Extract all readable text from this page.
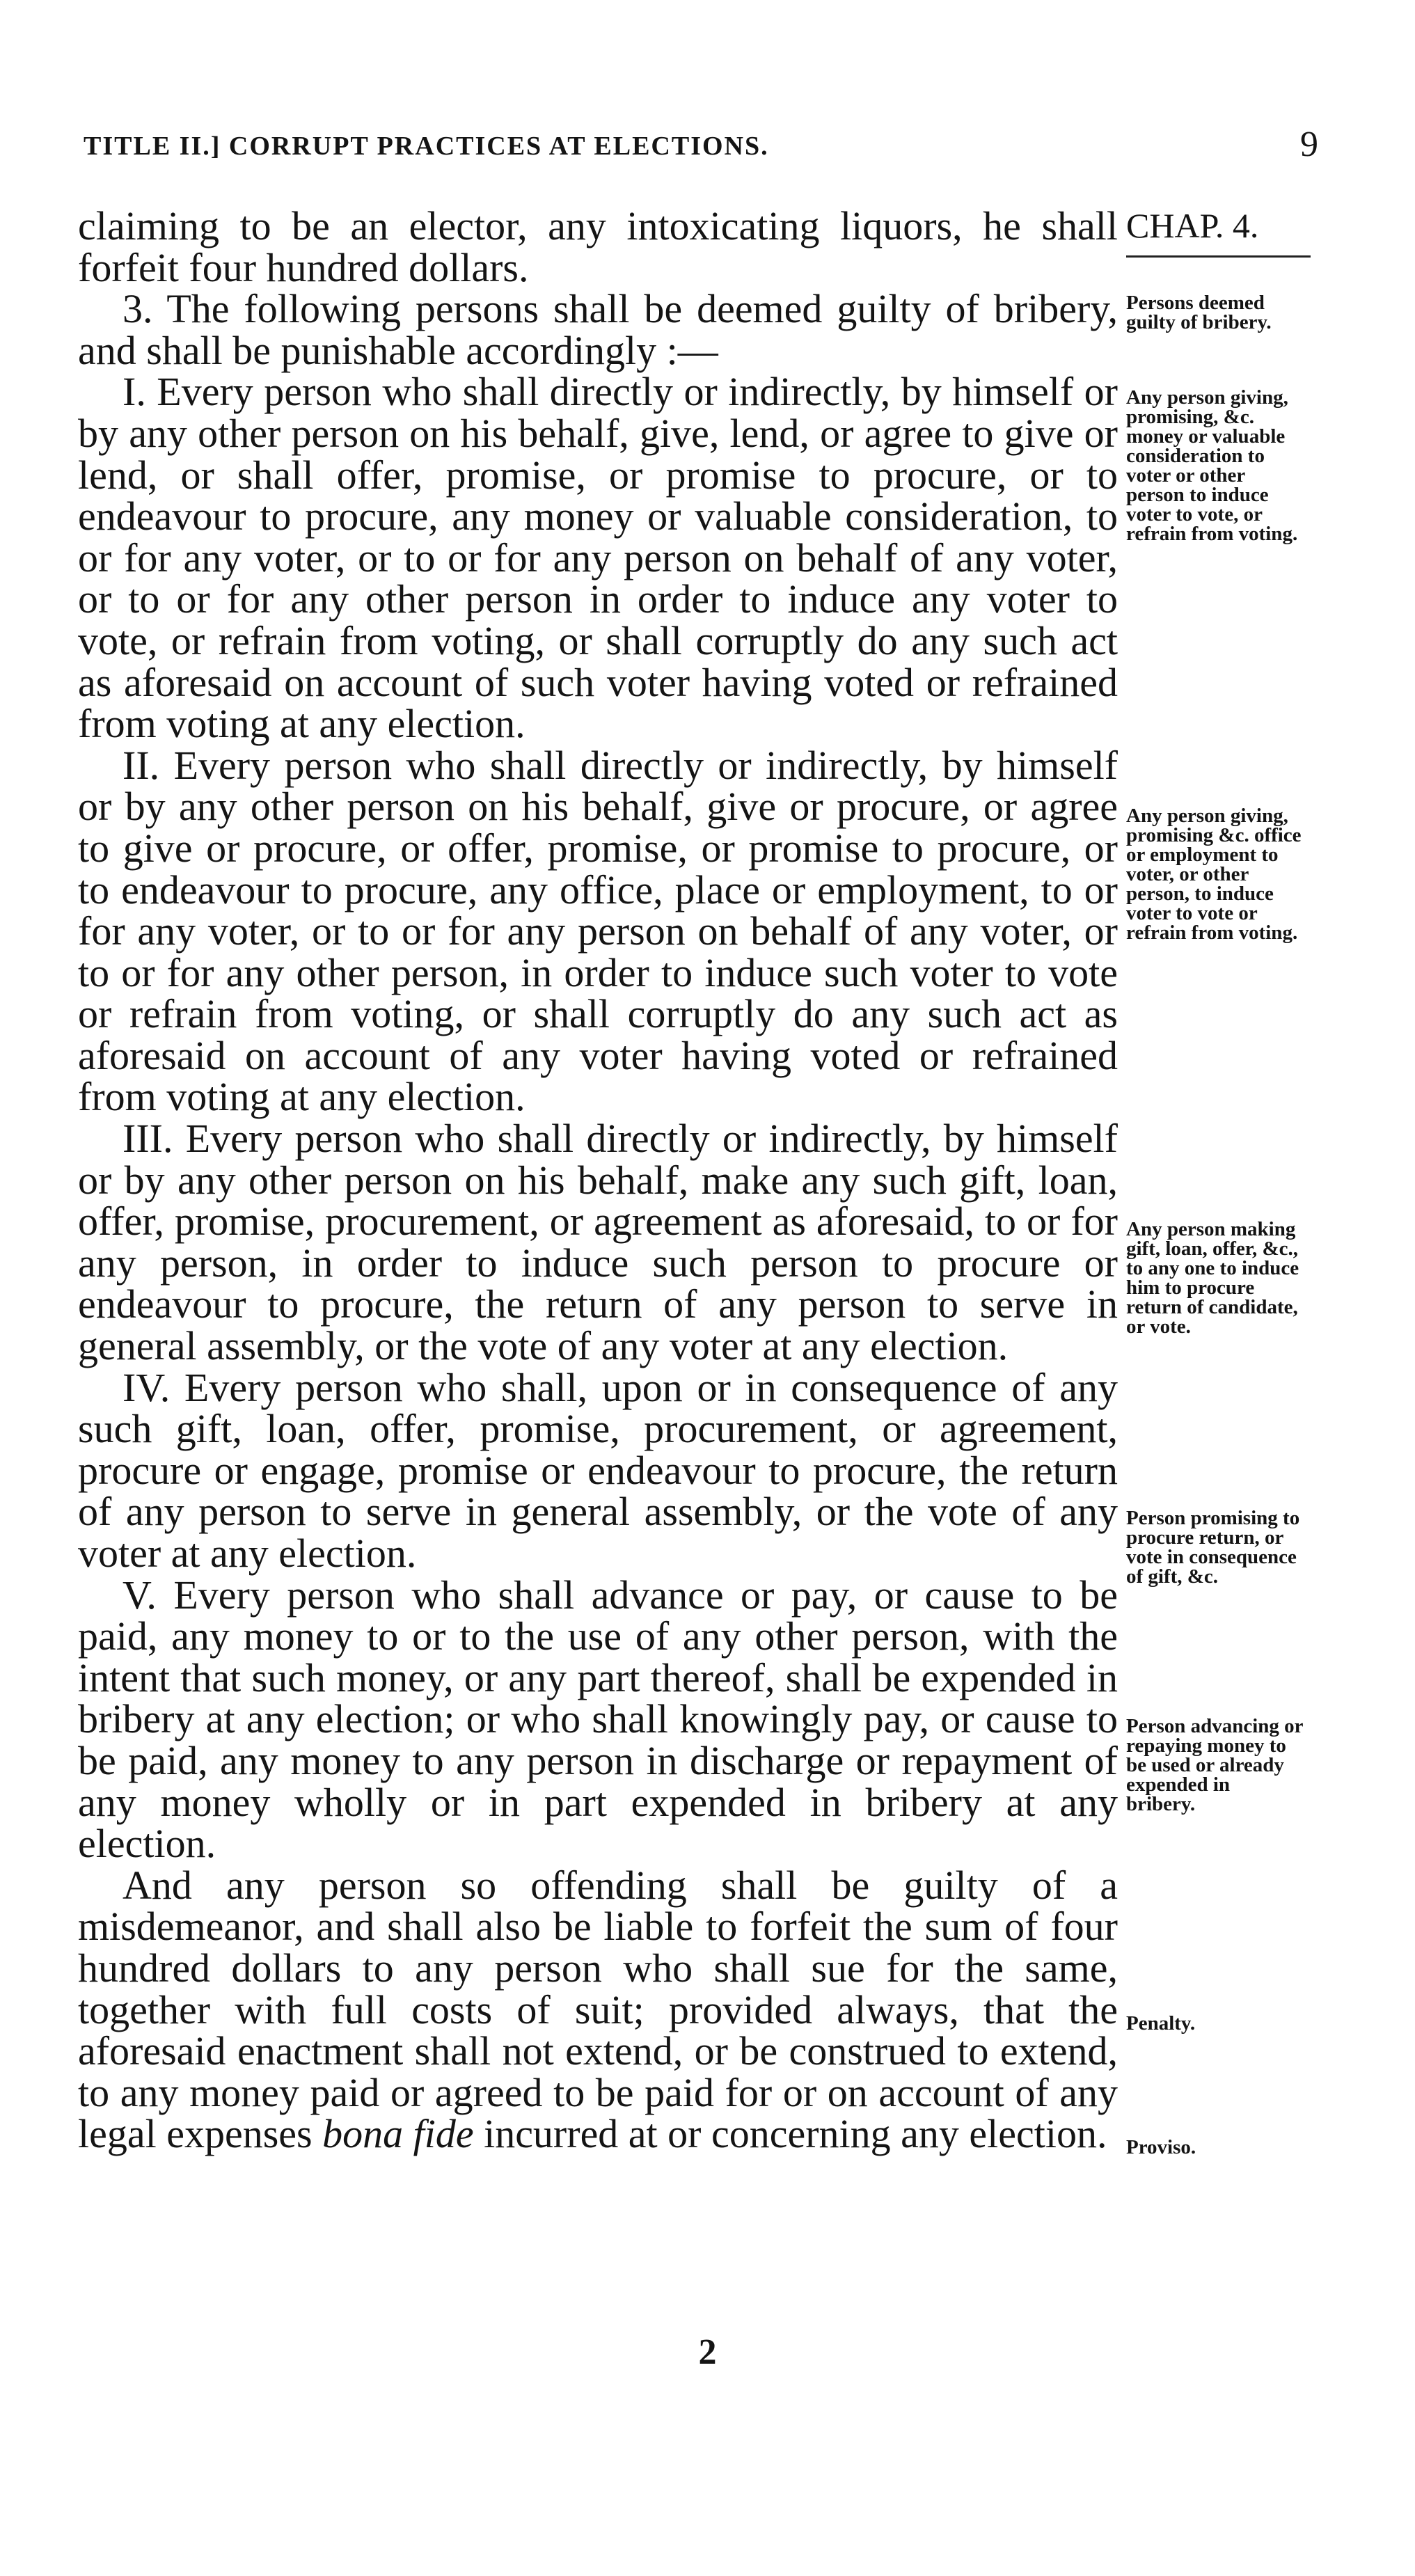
TITLE II.] CORRUPT PRACTICES AT ELECTIONS.	9

claiming to be an elector, any intoxicating liquors, he shall forfeit four hundred dollars.

3. The following persons shall be deemed guilty of bribery, and shall be punishable accordingly :—

I. Every person who shall directly or indirectly, by himself or by any other person on his behalf, give, lend, or agree to give or lend, or shall offer, promise, or promise to procure, or to endeavour to procure, any money or valuable consideration, to or for any voter, or to or for any person on behalf of any voter, or to or for any other person in order to induce any voter to vote, or refrain from voting, or shall corruptly do any such act as aforesaid on account of such voter having voted or refrained from voting at any election.

II. Every person who shall directly or indirectly, by himself or by any other person on his behalf, give or procure, or agree to give or procure, or offer, promise, or promise to procure, or to endeavour to procure, any office, place or employment, to or for any voter, or to or for any person on behalf of any voter, or to or for any other person, in order to induce such voter to vote or refrain from voting, or shall corruptly do any such act as aforesaid on account of any voter having voted or refrained from voting at any election.

III. Every person who shall directly or indirectly, by himself or by any other person on his behalf, make any such gift, loan, offer, promise, procurement, or agreement as aforesaid, to or for any person, in order to induce such person to procure or endeavour to procure, the return of any person to serve in general assembly, or the vote of any voter at any election.

IV. Every person who shall, upon or in consequence of any such gift, loan, offer, promise, procurement, or agreement, procure or engage, promise or endeavour to procure, the return of any person to serve in general assembly, or the vote of any voter at any election.

V. Every person who shall advance or pay, or cause to be paid, any money to or to the use of any other person, with the intent that such money, or any part thereof, shall be expended in bribery at any election; or who shall knowingly pay, or cause to be paid, any money to any person in discharge or repayment of any money wholly or in part expended in bribery at any election.

And any person so offending shall be guilty of a misdemeanor, and shall also be liable to forfeit the sum of four hundred dollars to any person who shall sue for the same, together with full costs of suit; provided always, that the aforesaid enactment shall not extend, or be construed to extend, to any money paid or agreed to be paid for or on account of any legal expenses bona fide incurred at or concerning any election.

CHAP. 4.
Persons deemed guilty of bribery.
Any person giving, promising, &c. money or valuable consideration to voter or other person to induce voter to vote, or refrain from voting.
Any person giving, promising &c. office or employment to voter, or other person, to induce voter to vote or refrain from voting.
Any person making gift, loan, offer, &c., to any one to induce him to procure return of candidate, or vote.
Person promising to procure return, or vote in consequence of gift, &c.
Person advancing or repaying money to be used or already expended in bribery.
Penalty.
Proviso.
2
